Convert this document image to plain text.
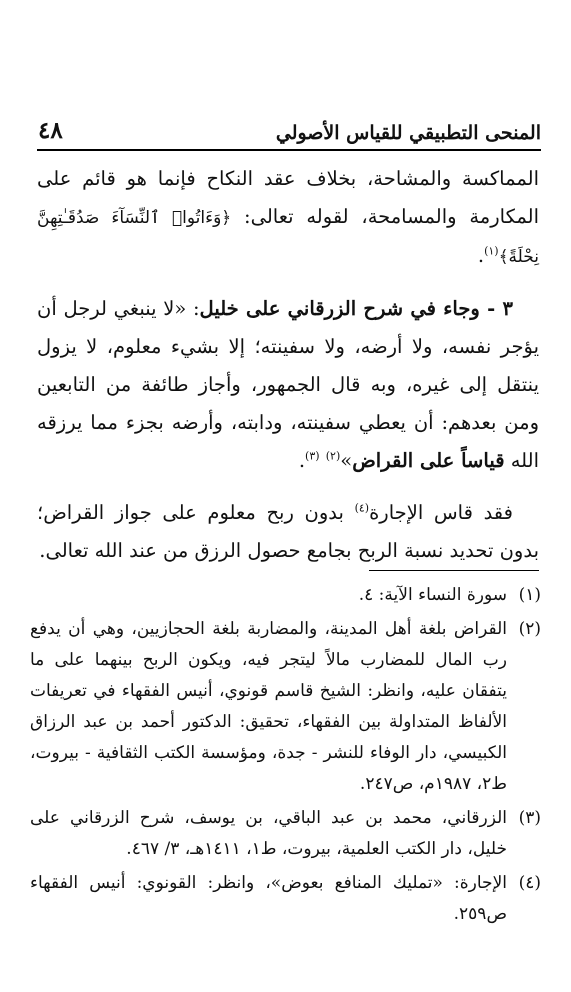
المنحى التطبيقي للقياس الأصولي
٤٨

المماكسة والمشاحة، بخلاف عقد النكاح فإنما هو قائم على المكارمة والمسامحة، لقوله تعالى: ﴿وَءَاتُوا۟ ٱلنِّسَآءَ صَدُقَـٰتِهِنَّ نِحْلَةً﴾$^{(١)}$.

٣ - وجاء في شرح الزرقاني على خليل: «لا ينبغي لرجل أن يؤجر نفسه، ولا أرضه، ولا سفينته؛ إلا بشيء معلوم، لا يزول ينتقل إلى غيره، وبه قال الجمهور، وأجاز طائفة من التابعين ومن بعدهم: أن يعطي سفينته، ودابته، وأرضه بجزء مما يرزقه الله قياساً على القراض»$^{(٢)}$ $^{(٣)}$.

فقد قاس الإجارة$^{(٤)}$ بدون ربح معلوم على جواز القراض؛ بدون تحديد نسبة الربح بجامع حصول الرزق من عند الله تعالى.

(١)
سورة النساء الآية: ٤.
(٢)
القراض بلغة أهل المدينة، والمضاربة بلغة الحجازيين، وهي أن يدفع رب المال للمضارب مالاً ليتجر فيه، ويكون الربح بينهما على ما يتفقان عليه، وانظر: الشيخ قاسم قونوي، أنيس الفقهاء في تعريفات الألفاظ المتداولة بين الفقهاء، تحقيق: الدكتور أحمد بن عبد الرزاق الكبيسي، دار الوفاء للنشر - جدة، ومؤسسة الكتب الثقافية - بيروت، ط٢، ١٩٨٧م، ص٢٤٧.
(٣)
الزرقاني، محمد بن عبد الباقي، بن يوسف، شرح الزرقاني على خليل، دار الكتب العلمية، بيروت، ط١، ١٤١١هـ، ٣/ ٤٦٧.
(٤)
الإجارة: «تمليك المنافع بعوض»، وانظر: القونوي: أنيس الفقهاء ص٢٥٩.
